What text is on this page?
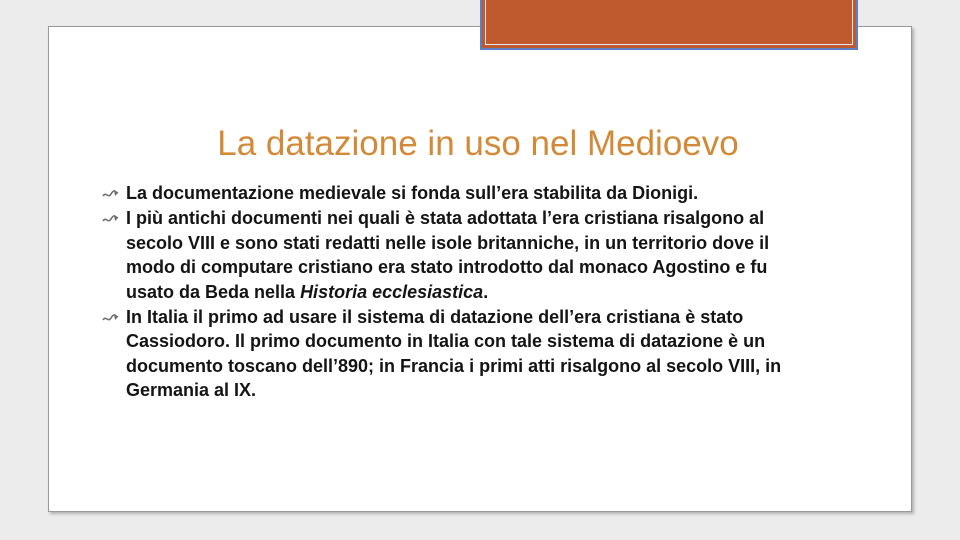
La datazione in uso nel Medioevo
La documentazione medievale si fonda sull’era stabilita da Dionigi.
I più antichi documenti nei quali è stata adottata l’era cristiana risalgono al secolo VIII e sono stati redatti nelle isole britanniche, in un territorio dove il modo di computare cristiano era stato introdotto dal monaco Agostino e fu usato da Beda nella Historia ecclesiastica.
In Italia il primo ad usare il sistema di datazione dell’era cristiana è stato Cassiodoro. Il primo documento in Italia con tale sistema di datazione è un documento toscano dell’890; in Francia i primi atti risalgono al secolo VIII, in Germania al IX.
